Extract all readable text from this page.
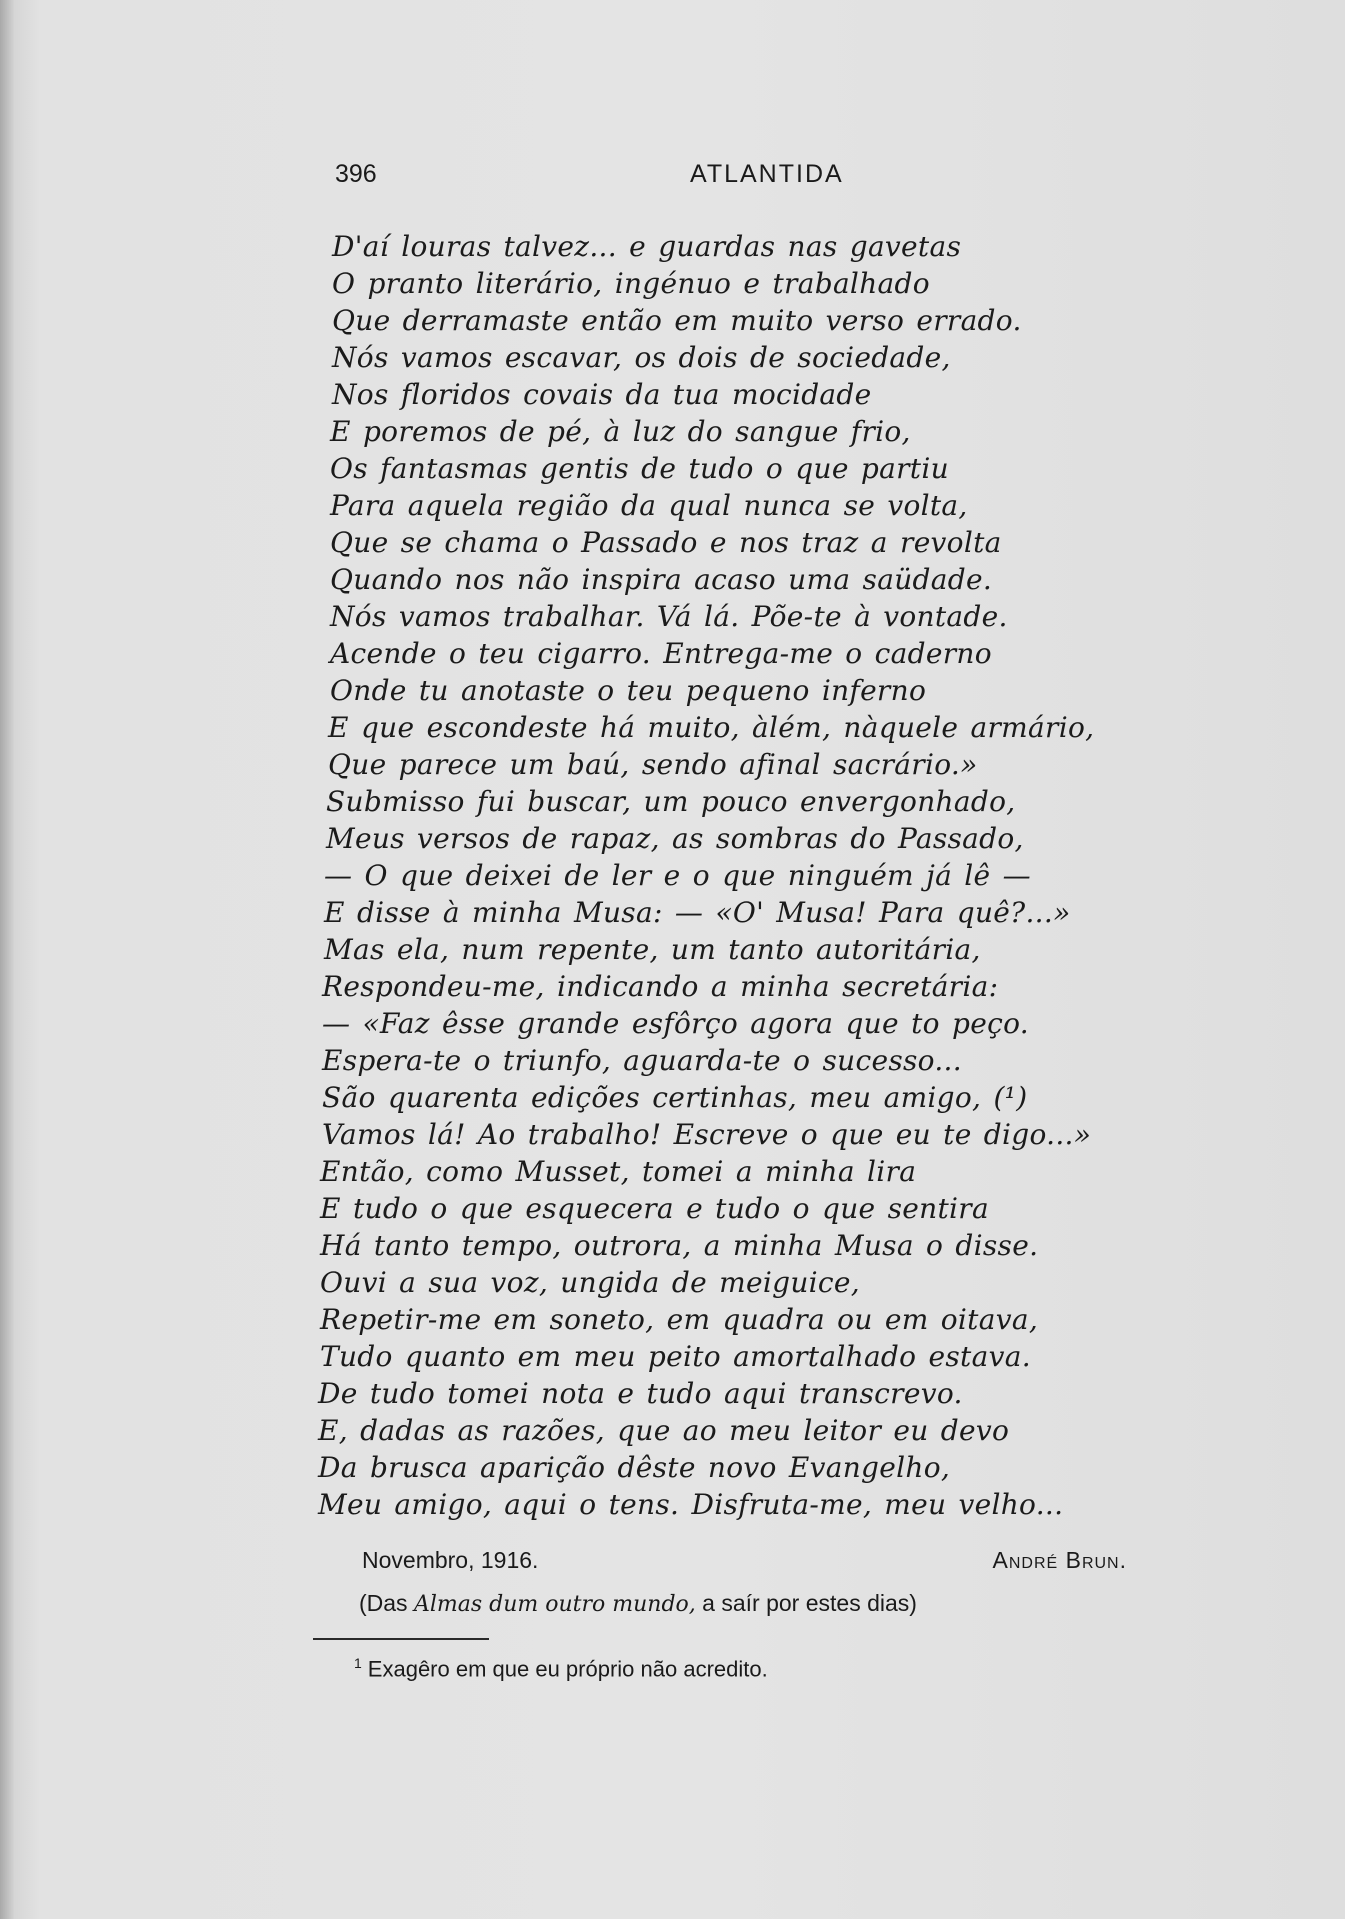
396	ATLANTIDA
D'aí louras talvez... e guardas nas gavetas
O pranto literário, ingénuo e trabalhado
Que derramaste então em muito verso errado.
Nós vamos escavar, os dois de sociedade,
Nos floridos covais da tua mocidade
E poremos de pé, à luz do sangue frio,
Os fantasmas gentis de tudo o que partiu
Para aquela região da qual nunca se volta,
Que se chama o Passado e nos traz a revolta
Quando nos não inspira acaso uma saüdade.
Nós vamos trabalhar. Vá lá. Põe-te à vontade.
Acende o teu cigarro. Entrega-me o caderno
Onde tu anotaste o teu pequeno inferno
E que escondeste há muito, àlém, nàquele armário,
Que parece um baú, sendo afinal sacrário.»
Submisso fui buscar, um pouco envergonhado,
Meus versos de rapaz, as sombras do Passado,
— O que deixei de ler e o que ninguém já lê —
E disse à minha Musa: — «O' Musa! Para quê?...»
Mas ela, num repente, um tanto autoritária,
Respondeu-me, indicando a minha secretária:
— «Faz êsse grande esfôrço agora que to peço.
Espera-te o triunfo, aguarda-te o sucesso...
São quarenta edições certinhas, meu amigo, (¹)
Vamos lá! Ao trabalho! Escreve o que eu te digo...»
Então, como Musset, tomei a minha lira
E tudo o que esquecera e tudo o que sentira
Há tanto tempo, outrora, a minha Musa o disse.
Ouvi a sua voz, ungida de meiguice,
Repetir-me em soneto, em quadra ou em oitava,
Tudo quanto em meu peito amortalhado estava.
De tudo tomei nota e tudo aqui transcrevo.
E, dadas as razões, que ao meu leitor eu devo
Da brusca aparição dêste novo Evangelho,
Meu amigo, aqui o tens. Disfruta-me, meu velho...
Novembro, 1916.	André Brun.
(Das Almas dum outro mundo, a saír por estes dias)
$^1$ Exagêro em que eu próprio não acredito.
